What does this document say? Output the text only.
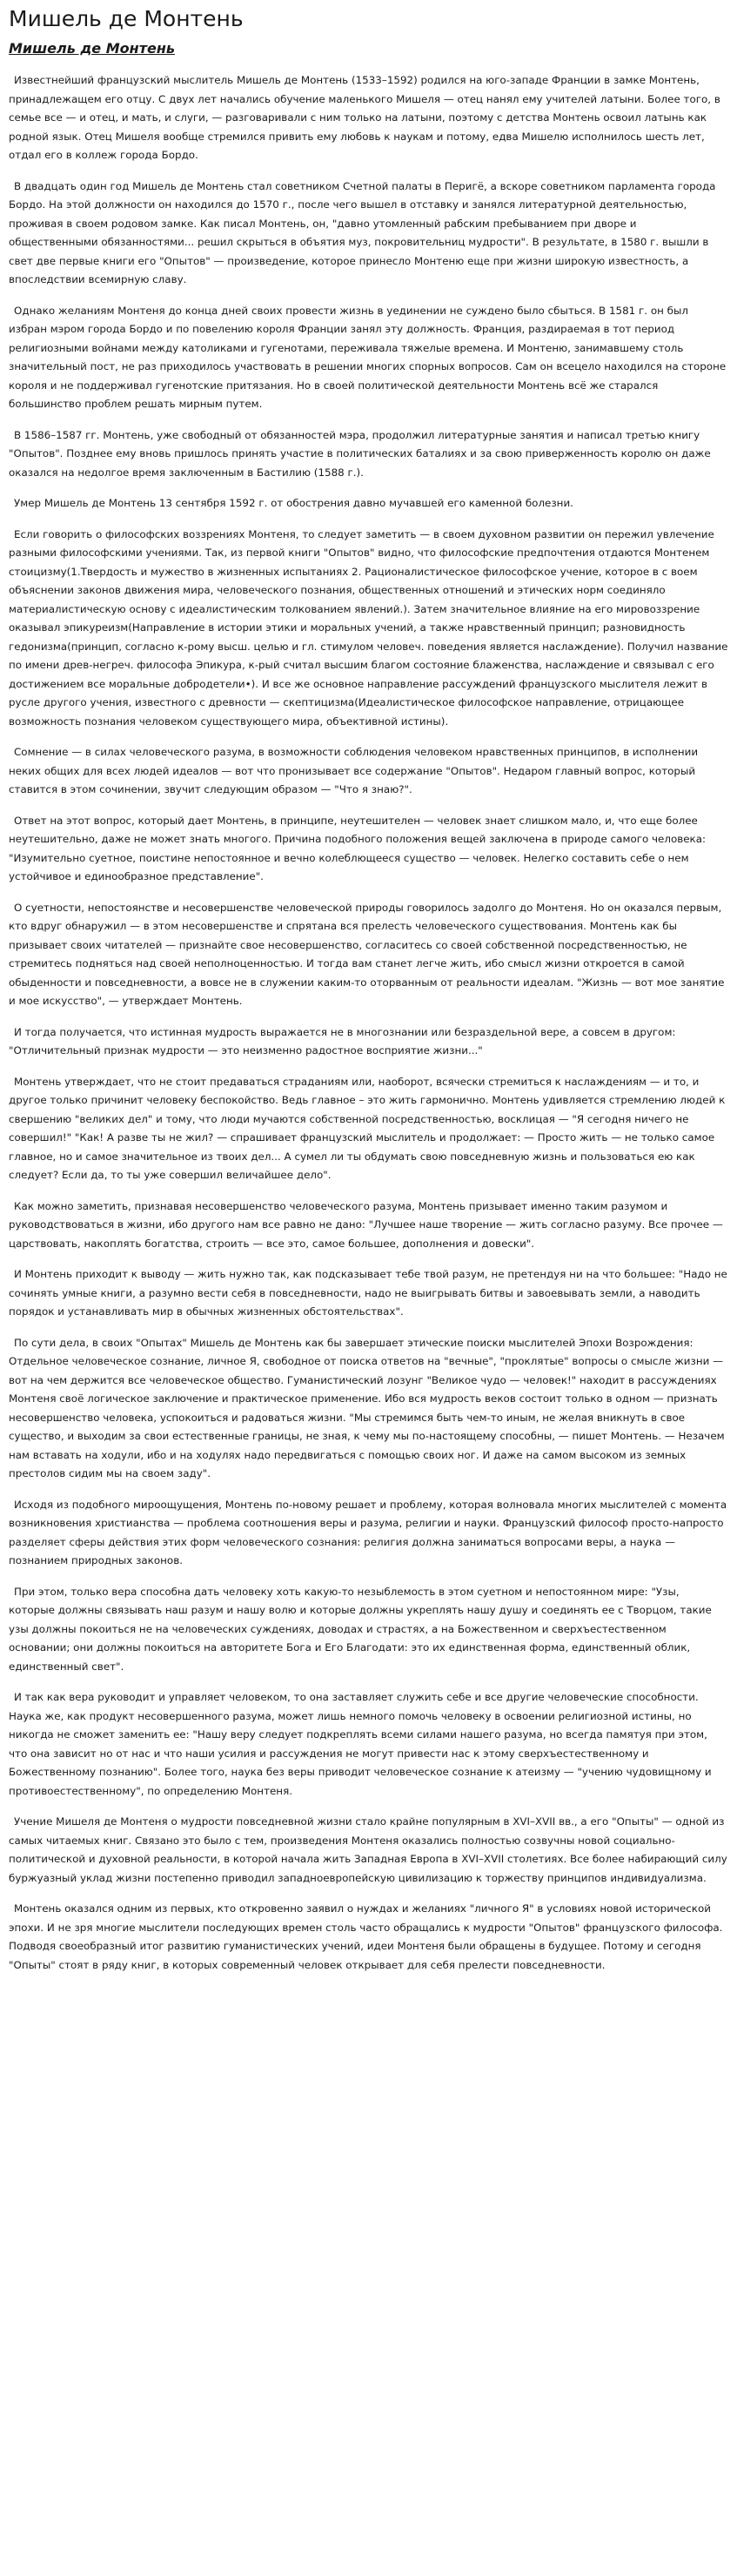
Мишель де Монтень
Мишель де Монтень

Известнейший французский мыслитель Мишель де Монтень (1533–1592) родился на юго-западе Франции в замке Монтень, принадлежащем его отцу. С двух лет начались обучение маленького Мишеля — отец нанял ему учителей латыни. Более того, в семье все — и отец, и мать, и слуги, — разговаривали с ним только на латыни, поэтому с детства Монтень освоил латынь как родной язык. Отец Мишеля вообще стремился привить ему любовь к наукам и потому, едва Мишелю исполнилось шесть лет, отдал его в коллеж города Бордо.

В двадцать один год Мишель де Монтень стал советником Счетной палаты в Перигё, а вскоре советником парламента города Бордо. На этой должности он находился до 1570 г., после чего вышел в отставку и занялся литературной деятельностью, проживая в своем родовом замке. Как писал Монтень, он, "давно утомленный рабским пребыванием при дворе и общественными обязанностями... решил скрыться в объятия муз, покровительниц мудрости". В результате, в 1580 г. вышли в свет две первые книги его "Опытов" — произведение, которое принесло Монтеню еще при жизни широкую известность, а впоследствии всемирную славу.

Однако желаниям Монтеня до конца дней своих провести жизнь в уединении не суждено было сбыться. В 1581 г. он был избран мэром города Бордо и по повелению короля Франции занял эту должность. Франция, раздираемая в тот период религиозными войнами между католиками и гугенотами, переживала тяжелые времена. И Монтеню, занимавшему столь значительный пост, не раз приходилось участвовать в решении многих спорных вопросов. Сам он всецело находился на стороне короля и не поддерживал гугенотские притязания. Но в своей политической деятельности Монтень всё же старался большинство проблем решать мирным путем.

В 1586–1587 гг. Монтень, уже свободный от обязанностей мэра, продолжил литературные занятия и написал третью книгу "Опытов". Позднее ему вновь пришлось принять участие в политических баталиях и за свою приверженность королю он даже оказался на недолгое время заключенным в Бастилию (1588 г.).

Умер Мишель де Монтень 13 сентября 1592 г. от обострения давно мучавшей его каменной болезни.

Если говорить о философских воззрениях Монтеня, то следует заметить — в своем духовном развитии он пережил увлечение разными философскими учениями. Так, из первой книги "Опытов" видно, что философские предпочтения отдаются Монтенем стоицизму(1.Твердость и мужество в жизненных испытаниях 2. Рационалистическое философское учение, которое в с вoем объяснении законов движения мира, человеческого познания, общественных отношений и этических норм соединяло материалистическую основу с идеалистическим толкованием явлений.). Затем значительное влияние на его мировоззрение оказывал эпикуреизм(Направление в истории этики и моральных учений, а также нравственный принцип; разновидность гедонизма(принцип, согласно к-рому высш. целью и гл. стимулом человеч. поведения является наслаждение). Получил название по имени древ-негреч. философа Эпикура, к-рый считал высшим благом состояние блаженства, наслаждение и связывал с его достижением все моральные добродетели•). И все же основное направление рассуждений французского мыслителя лежит в русле другого учения, известного с древности — скептицизма(Идеалистическое философское направление, отрицающее возможность познания человеком существующего мира, объективной истины).

Сомнение — в силах человеческого разума, в возможности соблюдения человеком нравственных принципов, в исполнении неких общих для всех людей идеалов — вот что пронизывает все содержание "Опытов". Недаром главный вопрос, который ставится в этом сочинении, звучит следующим образом — "Что я знаю?".

Ответ на этот вопрос, который дает Монтень, в принципе, неутешителен — человек знает слишком мало, и, что еще более неутешительно, даже не может знать многого. Причина подобного положения вещей заключена в природе самого человека: "Изумительно суетное, поистине непостоянное и вечно колеблющееся существо — человек. Нелегко составить себе о нем устойчивое и единообразное представление".

О суетности, непостоянстве и несовершенстве человеческой природы говорилось задолго до Монтеня. Но он оказался первым, кто вдруг обнаружил — в этом несовершенстве и спрятана вся прелесть человеческого существования. Монтень как бы призывает своих читателей — признайте свое несовершенство, согласитесь со своей собственной посредственностью, не стремитесь подняться над своей неполноценностью. И тогда вам станет легче жить, ибо смысл жизни откроется в самой обыденности и повседневности, а вовсе не в служении каким-то оторванным от реальности идеалам. "Жизнь — вот мое занятие и мое искусство", — утверждает Монтень.

И тогда получается, что истинная мудрость выражается не в многознании или безраздельной вере, а совсем в другом: "Отличительный признак мудрости — это неизменно радостное восприятие жизни..."

Монтень утверждает, что не стоит предаваться страданиям или, наоборот, всячески стремиться к наслаждениям — и то, и другое только причинит человеку беспокойство. Ведь главное – это жить гармонично. Монтень удивляется стремлению людей к свершению "великих дел" и тому, что люди мучаются собственной посредственностью, восклицая — "Я сегодня ничего не совершил!" "Как! А разве ты не жил? — спрашивает французский мыслитель и продолжает: — Просто жить — не только самое главное, но и самое значительное из твоих дел... А сумел ли ты обдумать свою повседневную жизнь и пользоваться ею как следует? Если да, то ты уже совершил величайшее дело".

Как можно заметить, признавая несовершенство человеческого разума, Монтень призывает именно таким разумом и руководствоваться в жизни, ибо другого нам все равно не дано: "Лучшее наше творение — жить согласно разуму. Все прочее — царствовать, накоплять богатства, строить — все это, самое большее, дополнения и довески".

И Монтень приходит к выводу — жить нужно так, как подсказывает тебе твой разум, не претендуя ни на что большее: "Надо не сочинять умные книги, а разумно вести себя в повседневности, надо не выигрывать битвы и завоевывать земли, а наводить порядок и устанавливать мир в обычных жизненных обстоятельствах".

По сути дела, в своих "Опытах" Мишель де Монтень как бы завершает этические поиски мыслителей Эпохи Возрождения: Отдельное человеческое сознание, личное Я, свободное от поиска ответов на "вечные", "проклятые" вопросы о смысле жизни — вот на чем держится все человеческое общество. Гуманистический лозунг "Великое чудо — человек!" находит в рассуждениях Монтеня своё логическое заключение и практическое применение. Ибо вся мудрость веков состоит только в одном — признать несовершенство человека, успокоиться и радоваться жизни. "Мы стремимся быть чем-то иным, не желая вникнуть в свое существо, и выходим за свои естественные границы, не зная, к чему мы по-настоящему способны, — пишет Монтень. — Незачем нам вставать на ходули, ибо и на ходулях надо передвигаться с помощью своих ног. И даже на самом высоком из земных престолов сидим мы на своем заду".

Исходя из подобного мироощущения, Монтень по-новому решает и проблему, которая волновала многих мыслителей с момента возникновения христианства — проблема соотношения веры и разума, религии и науки. Французский философ просто-напросто разделяет сферы действия этих форм человеческого сознания: религия должна заниматься вопросами веры, а наука — познанием природных законов.

При этом, только вера способна дать человеку хоть какую-то незыблемость в этом суетном и непостоянном мире: "Узы, которые должны связывать наш разум и нашу волю и которые должны укреплять нашу душу и соединять ее с Творцом, такие узы должны покоиться не на человеческих суждениях, доводах и страстях, а на Божественном и сверхъестественном основании; они должны покоиться на авторитете Бога и Его Благодати: это их единственная форма, единственный облик, единственный свет".

И так как вера руководит и управляет человеком, то она заставляет служить себе и все другие человеческие способности. Наука же, как продукт несовершенного разума, может лишь немного помочь человеку в освоении религиозной истины, но никогда не сможет заменить ее: "Нашу веру следует подкреплять всеми силами нашего разума, но всегда памятуя при этом, что она зависит но от нас и что наши усилия и рассуждения не могут привести нас к этому сверхъестественному и Божественному познанию". Более того, наука без веры приводит человеческое сознание к атеизму — "учению чудовищному и противоестественному", по определению Монтеня.

Учение Мишеля де Монтеня о мудрости повседневной жизни стало крайне популярным в XVI–XVII вв., а его "Опыты" — одной из самых читаемых книг. Связано это было с тем, произведения Монтеня оказались полностью созвучны новой социально-политической и духовной реальности, в которой начала жить Западная Европа в XVI–XVII столетиях. Все более набирающий силу буржуазный уклад жизни постепенно приводил западноевропейскую цивилизацию к торжеству принципов индивидуализма.

Монтень оказался одним из первых, кто откровенно заявил о нуждах и желаниях "личного Я" в условиях новой исторической эпохи. И не зря многие мыслители последующих времен столь часто обращались к мудрости "Опытов" французского философа. Подводя своеобразный итог развитию гуманистических учений, идеи Монтеня были обращены в будущее. Потому и сегодня "Опыты" стоят в ряду книг, в которых современный человек открывает для себя прелести повседневности.
